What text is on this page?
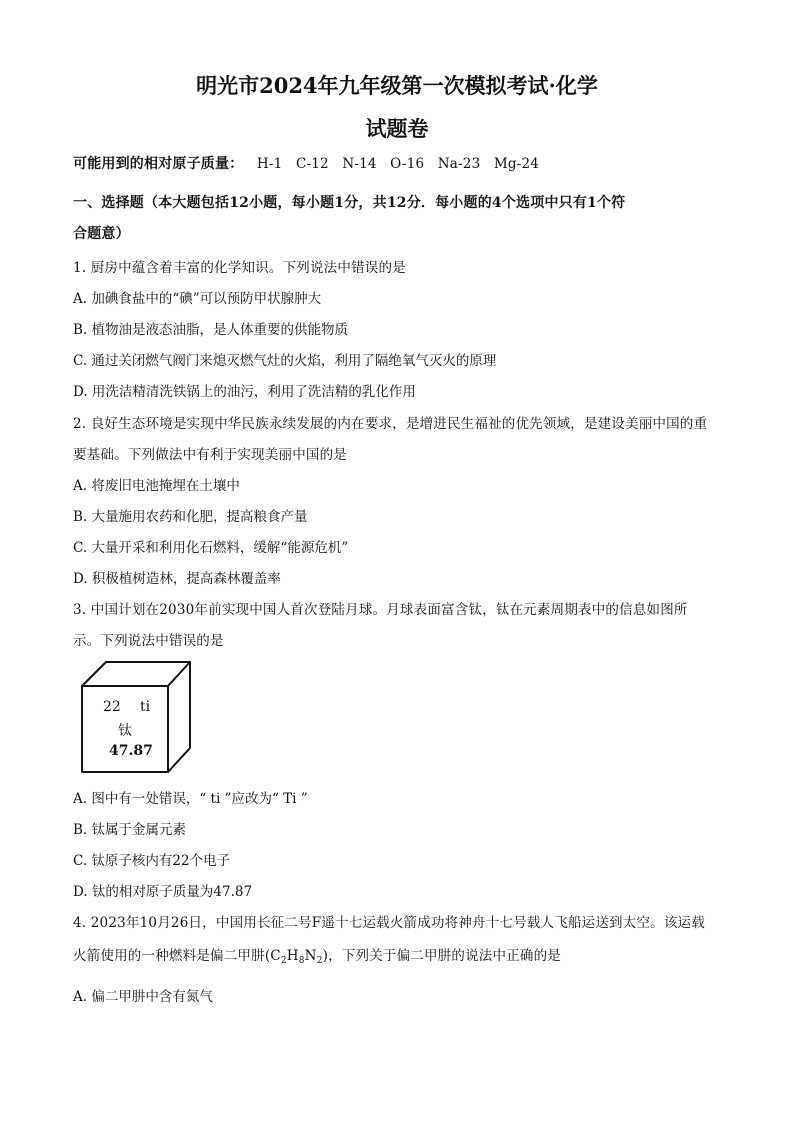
明光市2024年九年级第一次模拟考试·化学
试题卷
可能用到的相对原子质量： H-1 C-12 N-14 O-16 Na-23 Mg-24
一、选择题（本大题包括12小题，每小题1分，共12分．每小题的4个选项中只有1个符
合题意）
1. 厨房中蕴含着丰富的化学知识。下列说法中错误的是
A. 加碘食盐中的“碘”可以预防甲状腺肿大
B. 植物油是液态油脂，是人体重要的供能物质
C. 通过关闭燃气阀门来熄灭燃气灶的火焰，利用了隔绝氧气灭火的原理
D. 用洗洁精清洗铁锅上的油污，利用了洗洁精的乳化作用
2. 良好生态环境是实现中华民族永续发展的内在要求，是增进民生福祉的优先领域，是建设美丽中国的重
要基础。下列做法中有利于实现美丽中国的是
A. 将废旧电池掩埋在土壤中
B. 大量施用农药和化肥，提高粮食产量
C. 大量开采和利用化石燃料，缓解“能源危机”
D. 积极植树造林，提高森林覆盖率
3. 中国计划在2030年前实现中国人首次登陆月球。月球表面富含钛，钛在元素周期表中的信息如图所
示。下列说法中错误的是
22 ti
钛
47.87
A. 图中有一处错误，“ ti ”应改为“ Ti ”
B. 钛属于金属元素
C. 钛原子核内有22个电子
D. 钛的相对原子质量为47.87
4. 2023年10月26日，中国用长征二号F遥十七运载火箭成功将神舟十七号载人飞船运送到太空。该运载
火箭使用的一种燃料是偏二甲肼$(C_2H_8N_2)$，下列关于偏二甲肼的说法中正确的是
A. 偏二甲肼中含有氮气
